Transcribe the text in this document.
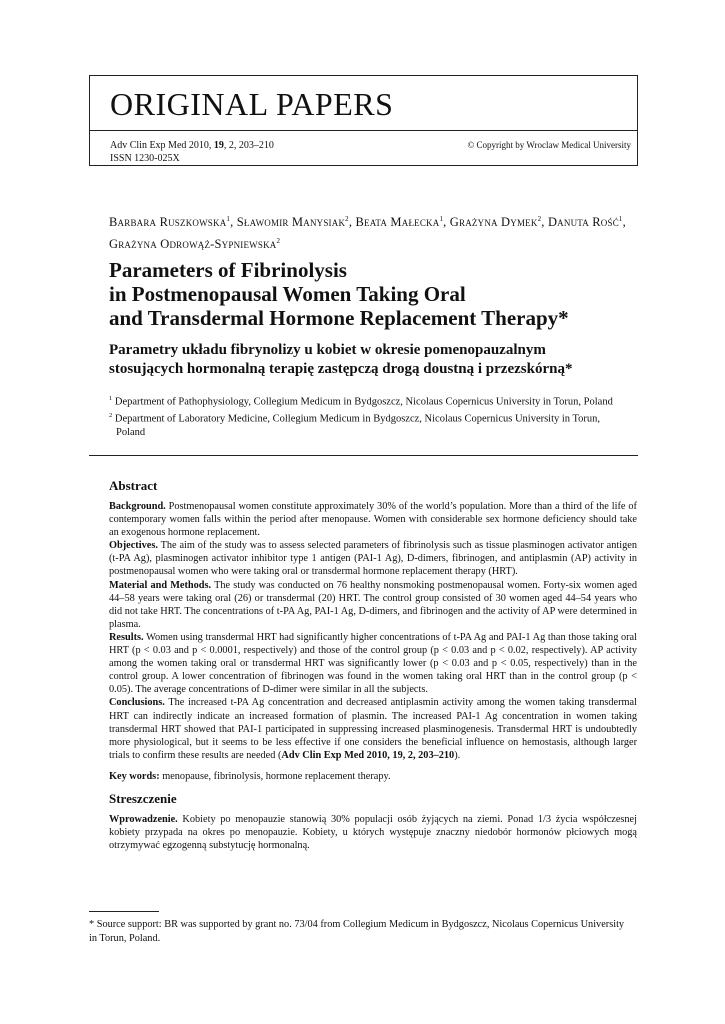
ORIGINAL PAPERS
Adv Clin Exp Med 2010, 19, 2, 203–210
ISSN 1230-025X
© Copyright by Wroclaw Medical University
Barbara Ruszkowska$^1$, Sławomir Manysiak$^2$, Beata Małecka$^1$, Grażyna Dymek$^2$, Danuta Rość$^1$, Grażyna Odrowąż-Sypniewska$^2$
Parameters of Fibrinolysis
in Postmenopausal Women Taking Oral
and Transdermal Hormone Replacement Therapy*
Parametry układu fibrynolizy u kobiet w okresie pomenopauzalnym
stosujących hormonalną terapię zastępczą drogą doustną i przezskórną*

$^1$ Department of Pathophysiology, Collegium Medicum in Bydgoszcz, Nicolaus Copernicus University in Torun, Poland

$^2$ Department of Laboratory Medicine, Collegium Medicum in Bydgoszcz, Nicolaus Copernicus University in Torun, Poland

Abstract

Background. Postmenopausal women constitute approximately 30% of the world’s population. More than a third of the life of contemporary women falls within the period after menopause. Women with considerable sex hormone deficiency should take an exogenous hormone replacement.

Objectives. The aim of the study was to assess selected parameters of fibrinolysis such as tissue plasminogen activator antigen (t-PA Ag), plasminogen activator inhibitor type 1 antigen (PAI-1 Ag), D-dimers, fibrinogen, and antiplasmin (AP) activity in postmenopausal women who were taking oral or transdermal hormone replacement therapy (HRT).

Material and Methods. The study was conducted on 76 healthy nonsmoking postmenopausal women. Forty-six women aged 44–58 years were taking oral (26) or transdermal (20) HRT. The control group consisted of 30 women aged 44–54 years who did not take HRT. The concentrations of t-PA Ag, PAI-1 Ag, D-dimers, and fibrinogen and the activity of AP were determined in plasma.

Results. Women using transdermal HRT had significantly higher concentrations of t-PA Ag and PAI-1 Ag than those taking oral HRT (p < 0.03 and p < 0.0001, respectively) and those of the control group (p < 0.03 and p < 0.02, respectively). AP activity among the women taking oral or transdermal HRT was significantly lower (p < 0.03 and p < 0.05, respectively) than in the control group. A lower concentration of fibrinogen was found in the women taking oral HRT than in the control group (p < 0.05). The average concentrations of D-dimer were similar in all the subjects.

Conclusions. The increased t-PA Ag concentration and decreased antiplasmin activity among the women taking transdermal HRT can indirectly indicate an increased formation of plasmin. The increased PAI-1 Ag concentration in women taking transdermal HRT showed that PAI-1 participated in suppressing increased plasminogenesis. Transdermal HRT is undoubtedly more physiological, but it seems to be less effective if one considers the beneficial influence on hemostasis, although larger trials to confirm these results are needed (Adv Clin Exp Med 2010, 19, 2, 203–210).

Key words: menopause, fibrinolysis, hormone replacement therapy.

Streszczenie

Wprowadzenie. Kobiety po menopauzie stanowią 30% populacji osób żyjących na ziemi. Ponad 1/3 życia współczesnej kobiety przypada na okres po menopauzie. Kobiety, u których występuje znaczny niedobór hormonów płciowych mogą otrzymywać egzogenną substytucję hormonalną.

* Source support: BR was supported by grant no. 73/04 from Collegium Medicum in Bydgoszcz, Nicolaus Copernicus University in Torun, Poland.
